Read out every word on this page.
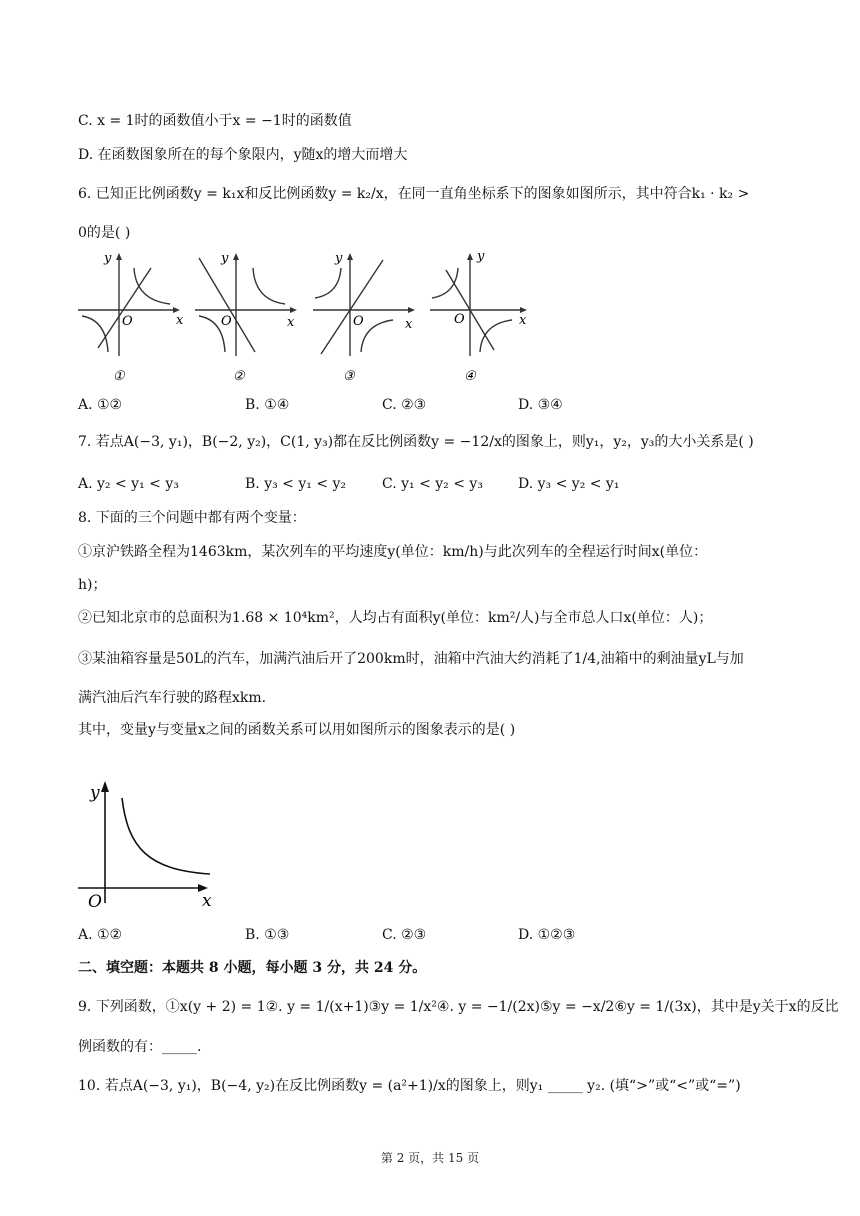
C. x = 1时的函数值小于x = −1时的函数值
D. 在函数图象所在的每个象限内，y随x的增大而增大
6. 已知正比例函数y = k₁x和反比例函数y = k₂/x，在同一直角坐标系下的图象如图所示，其中符合k₁ · k₂ >
0的是( )
y
x
O
①
y
x
O
②
y
x
O
③
y
x
O
④
A. ①②	B. ①④	C. ②③	D. ③④
7. 若点A(−3, y₁)，B(−2, y₂)，C(1, y₃)都在反比例函数y = −12/x的图象上，则y₁，y₂，y₃的大小关系是( )
A. y₂ < y₁ < y₃	B. y₃ < y₁ < y₂	C. y₁ < y₂ < y₃	D. y₃ < y₂ < y₁
8. 下面的三个问题中都有两个变量：
①京沪铁路全程为1463km，某次列车的平均速度y(单位：km/h)与此次列车的全程运行时间x(单位：
h)；
②已知北京市的总面积为1.68 × 10⁴km²，人均占有面积y(单位：km²/人)与全市总人口x(单位：人)；
③某油箱容量是50L的汽车，加满汽油后开了200km时，油箱中汽油大约消耗了1/4,油箱中的剩油量yL与加
满汽油后汽车行驶的路程xkm.
其中，变量y与变量x之间的函数关系可以用如图所示的图象表示的是( )
y
x
O
A. ①②	B. ①③	C. ②③	D. ①②③
二、填空题：本题共 8 小题，每小题 3 分，共 24 分。
9. 下列函数，①x(y + 2) = 1②. y = 1/(x+1)③y = 1/x²④. y = −1/(2x)⑤y = −x/2⑥y = 1/(3x)，其中是y关于x的反比
例函数的有：_____.
10. 若点A(−3, y₁)，B(−4, y₂)在反比例函数y = (a²+1)/x的图象上，则y₁ _____ y₂. (填“>”或“<”或“=”)
第 2 页，共 15 页
